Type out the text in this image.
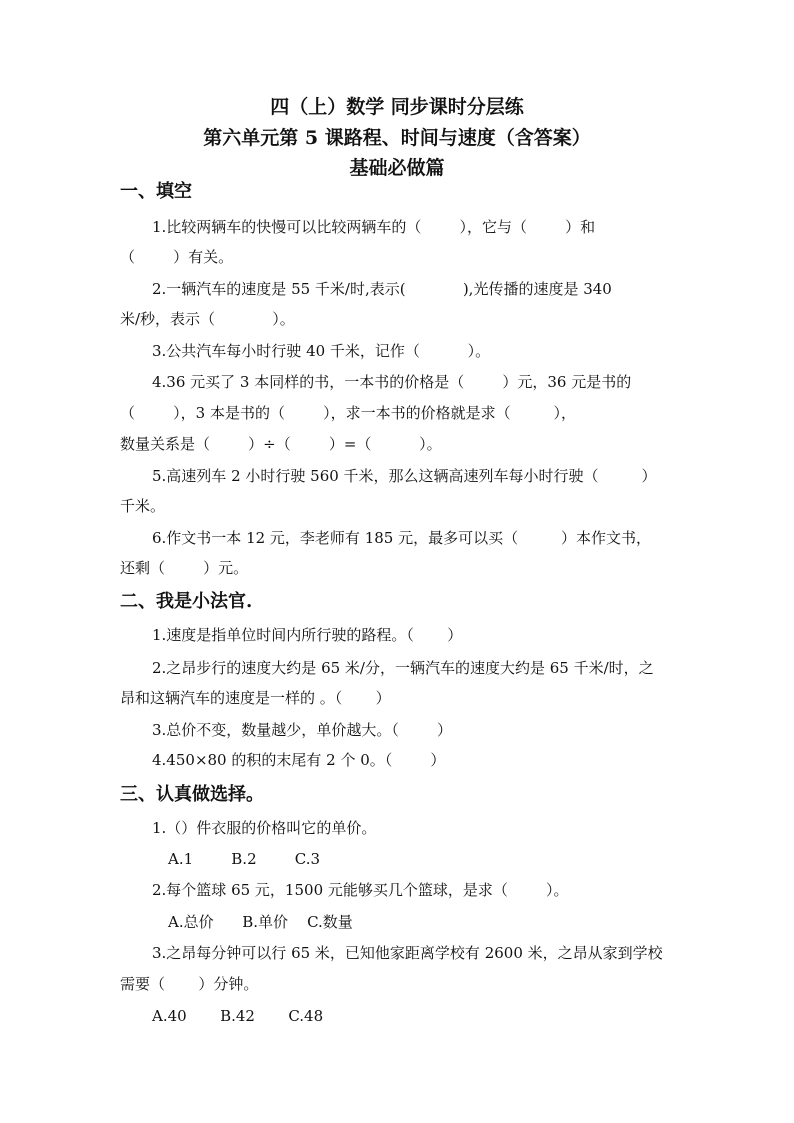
四（上）数学 同步课时分层练
第六单元第 5 课路程、时间与速度（含答案）
基础必做篇
一、填空

1.比较两辆车的快慢可以比较两辆车的（        ），它与（        ）和

（        ）有关。

2.一辆汽车的速度是 55 千米/时,表示(            ),光传播的速度是 340

米/秒，表示（            ）。

3.公共汽车每小时行驶 40 千米，记作（          ）。

4.36 元买了 3 本同样的书，一本书的价格是（        ）元，36 元是书的

（        ），3 本是书的（        ），求一本书的价格就是求（         ），

数量关系是（        ）÷（        ）=（          ）。

5.高速列车 2 小时行驶 560 千米，那么这辆高速列车每小时行驶（         ）

千米。

6.作文书一本 12 元，李老师有 185 元，最多可以买（         ）本作文书，

还剩（        ）元。

二、我是小法官.

1.速度是指单位时间内所行驶的路程。（       ）

2.之昂步行的速度大约是 65 米/分，一辆汽车的速度大约是 65 千米/时，之

昂和这辆汽车的速度是一样的 。（       ）

3.总价不变，数量越少，单价越大。（        ）

4.450×80 的积的末尾有 2 个 0。（        ）

三、认真做选择。

1.（）件衣服的价格叫它的单价。

A.1        B.2        C.3

2.每个篮球 65 元，1500 元能够买几个篮球，是求（        ）。

A.总价      B.单价    C.数量

3.之昂每分钟可以行 65 米，已知他家距离学校有 2600 米，之昂从家到学校

需要（       ）分钟。

A.40       B.42       C.48
